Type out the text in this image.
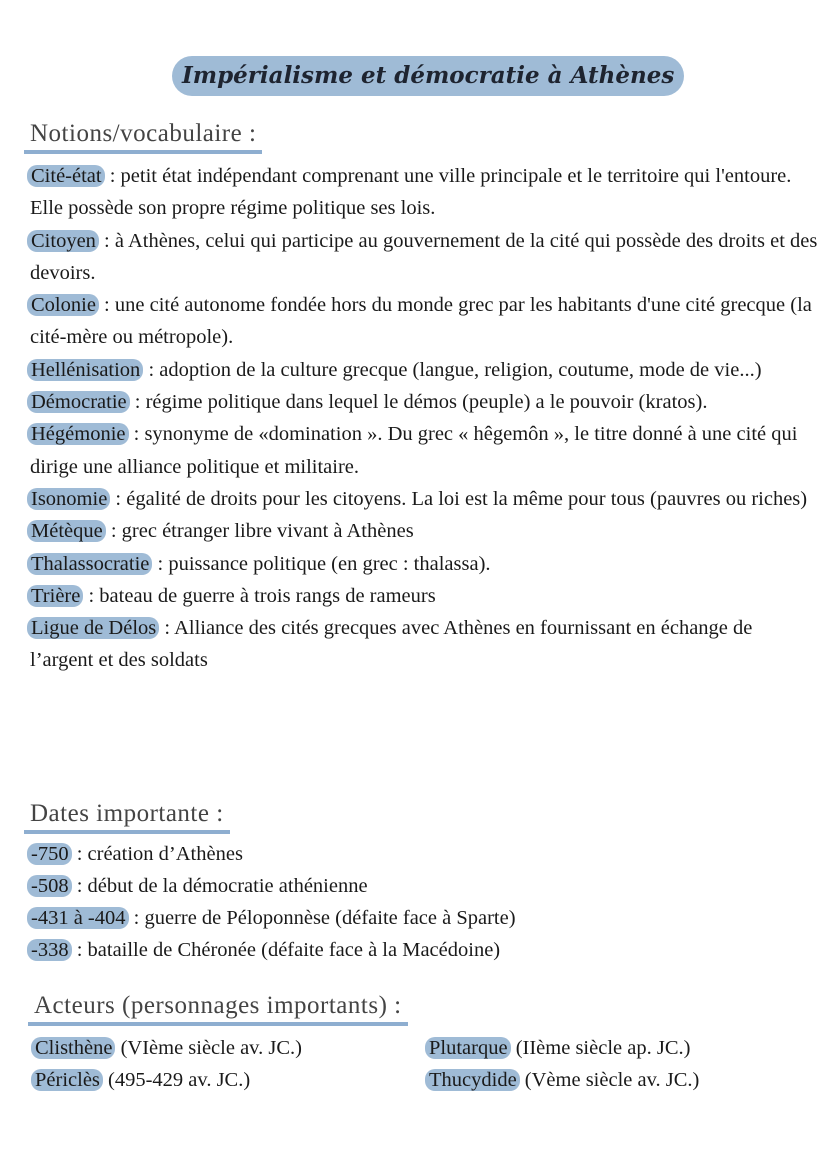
Impérialisme et démocratie à Athènes
Notions/vocabulaire :

Cité-état : petit état indépendant comprenant une ville principale et le territoire qui l'entoure. Elle possède son propre régime politique ses lois.

Citoyen : à Athènes, celui qui participe au gouvernement de la cité qui possède des droits et des devoirs.

Colonie : une cité autonome fondée hors du monde grec par les habitants d'une cité grecque (la cité-mère ou métropole).

Hellénisation : adoption de la culture grecque (langue, religion, coutume, mode de vie...)

Démocratie : régime politique dans lequel le démos (peuple) a le pouvoir (kratos).

Hégémonie : synonyme de «domination ». Du grec « hêgemôn », le titre donné à une cité qui dirige une alliance politique et militaire.

Isonomie : égalité de droits pour les citoyens. La loi est la même pour tous (pauvres ou riches)

Métèque : grec étranger libre vivant à Athènes

Thalassocratie : puissance politique (en grec : thalassa).

Trière : bateau de guerre à trois rangs de rameurs

Ligue de Délos : Alliance des cités grecques avec Athènes en fournissant en échange de l’argent et des soldats

Dates importante :
-750 : création d’Athènes
-508 : début de la démocratie athénienne
-431 à -404 : guerre de Péloponnèse (défaite face à Sparte)
-338 : bataille de Chéronée (défaite face à la Macédoine)
Acteurs (personnages importants) :
Clisthène (VIème siècle av. JC.)
Périclès (495-429 av. JC.)
Plutarque (IIème siècle ap. JC.)
Thucydide (Vème siècle av. JC.)
